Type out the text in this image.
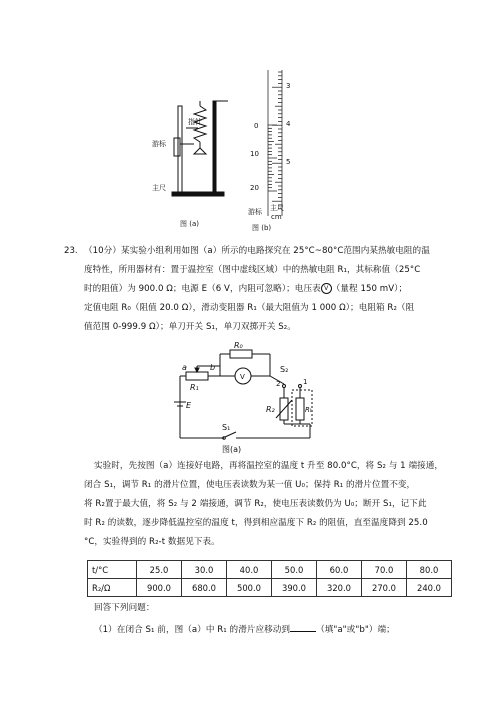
指针
游标
主尺
图 (a)
3
4
5
0
10
20
游标 主尺
cm
图 (b)
23. （10分）某实验小组利用如图（a）所示的电路探究在 25°C~80°C范围内某热敏电阻的温
度特性，所用器材有：置于温控室（图中虚线区域）中的热敏电阻 R₁，其标称值（25°C
时的阻值）为 900.0 Ω；电源 E（6 V，内阻可忽略）；电压表 V （量程 150 mV）；
定值电阻 R₀（阻值 20.0 Ω），滑动变阻器 R₁（最大阻值为 1 000 Ω）；电阻箱 R₂（阻
值范围 0-999.9 Ω）；单刀开关 S₁，单刀双掷开关 S₂。
R₀
a	b
R₁
V
E
S₁
S₂
R₂	Rₜ
2	1
图(a)
实验时，先按图（a）连接好电路，再将温控室的温度 t 升至 80.0°C，将 S₂ 与 1 端接通，
闭合 S₁，调节 R₁ 的滑片位置，使电压表读数为某一值 U₀；保持 R₁ 的滑片位置不变，
将 R₂置于最大值，将 S₂ 与 2 端接通，调节 R₂，使电压表读数仍为 U₀；断开 S₁，记下此
时 R₂ 的读数，逐步降低温控室的温度 t，得到相应温度下 R₂ 的阻值，直至温度降到 25.0
°C，实验得到的 R₂-t 数据见下表。
t/°C	25.0	30.0	40.0	50.0	60.0	70.0	80.0
R₂/Ω	900.0	680.0	500.0	390.0	320.0	270.0	240.0
回答下列问题：
（1）在闭合 S₁ 前，图（a）中 R₁ 的滑片应移动到	（填"a"或"b"）端；
